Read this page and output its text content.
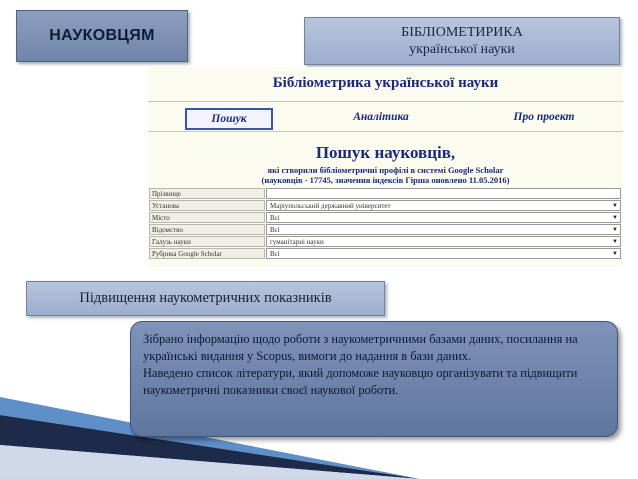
НАУКОВЦЯМ	БІБЛІОМЕТИРИКА
української науки
Бібліометрика української науки
Пошук	Аналітика	Про проект
Пошук науковців,
які створили бібліометричні профілі в системі Google Scholar
(науковців - 17745, значення індексів Гірша оновлено 11.05.2016)
Прізвище
Установа	Маріупольський державний університет	▼
Місто	Всі	▼
Відомство	Всі	▼
Галузь науки	гуманітарні науки	▼
Рубрика Google Scholar	Всі	▼
Підвищення наукометричних показників

Зібрано інформацію щодо роботи з наукометричними базами даних, посилання на українські видання у Scopus, вимоги до надання в бази даних.

Наведено список літератури, який допоможе науковцю організувати та підвищити наукометричні показники своєї наукової роботи.
